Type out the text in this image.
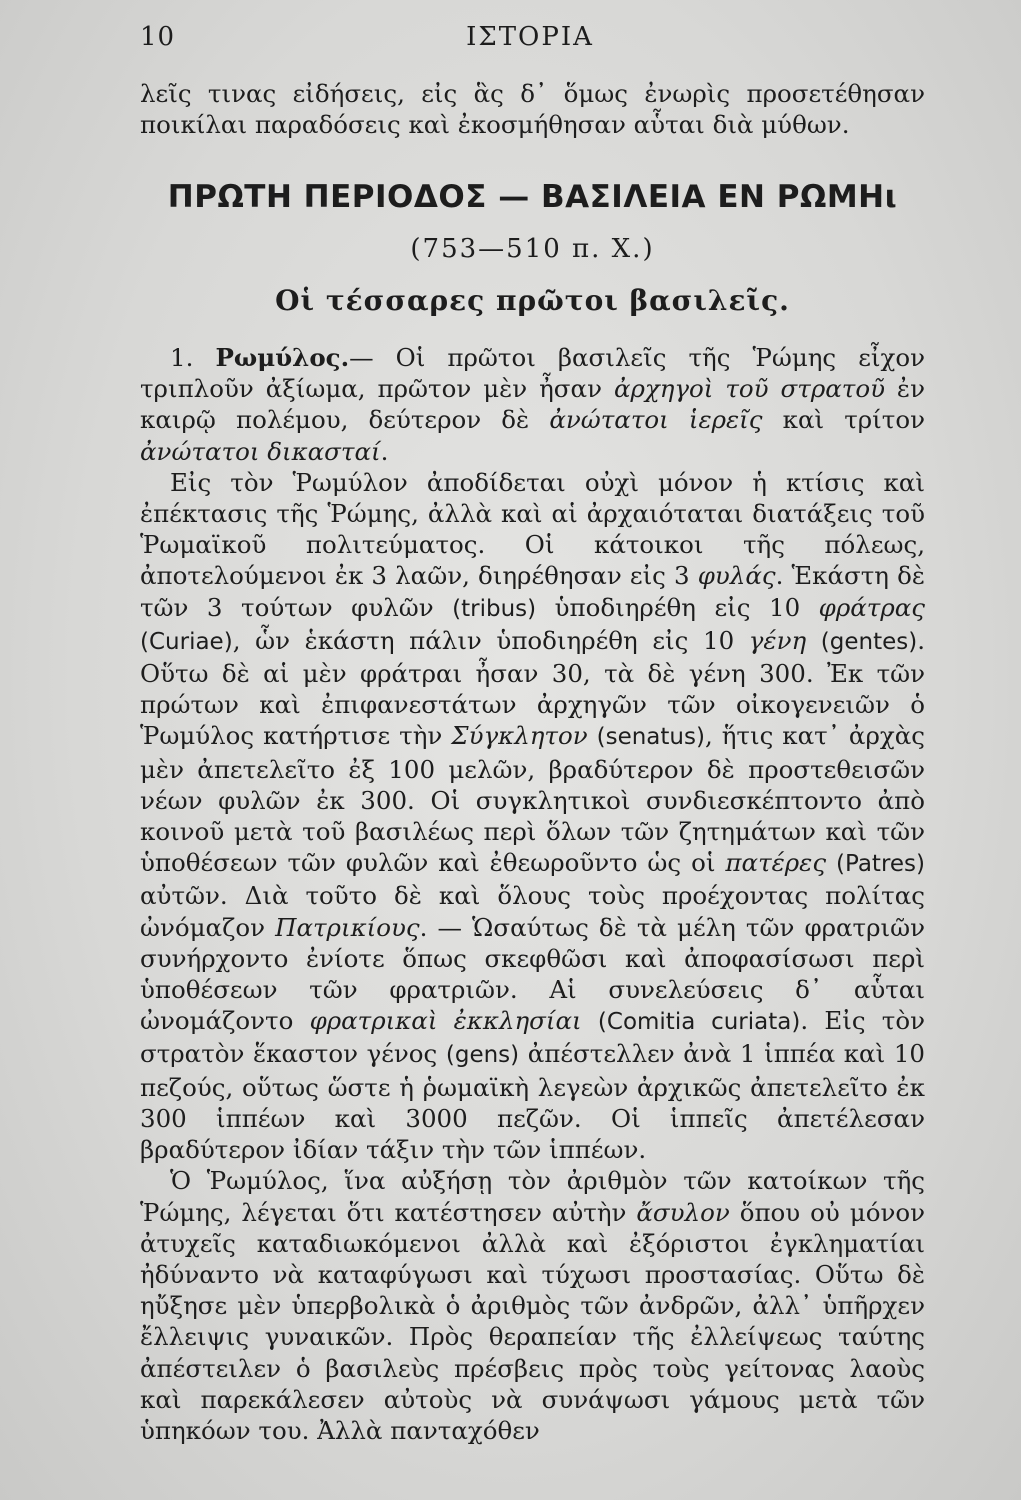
10	ΙΣΤΟΡΙΑ

λεῖς τινας εἰδήσεις, εἰς ἃς δ᾽ ὅμως ἐνωρὶς προσετέθησαν ποικίλαι παραδόσεις καὶ ἐκοσμήθησαν αὗται διὰ μύθων.

ΠΡΩΤΗ ΠΕΡΙΟΔΟΣ — ΒΑΣΙΛΕΙΑ ΕΝ ΡΩΜΗι
(753—510 π. Χ.)
Οἱ τέσσαρες πρῶτοι βασιλεῖς.

1. Ρωμύλος.— Οἱ πρῶτοι βασιλεῖς τῆς Ῥώμης εἶχον τριπλοῦν ἀξίωμα, πρῶτον μὲν ἦσαν ἀρχηγοὶ τοῦ στρατοῦ ἐν καιρῷ πολέμου, δεύτερον δὲ ἀνώτατοι ἱερεῖς καὶ τρίτον ἀνώτατοι δικασταί.

Εἰς τὸν Ῥωμύλον ἀποδίδεται οὐχὶ μόνον ἡ κτίσις καὶ ἐπέκτασις τῆς Ῥώμης, ἀλλὰ καὶ αἱ ἀρχαιόταται διατάξεις τοῦ Ῥωμαϊκοῦ πολιτεύματος. Οἱ κάτοικοι τῆς πόλεως, ἀποτελούμενοι ἐκ 3 λαῶν, διηρέθησαν εἰς 3 φυλάς. Ἑκάστη δὲ τῶν 3 τούτων φυλῶν (tribus) ὑποδιηρέθη εἰς 10 φράτρας (Curiae), ὧν ἑκάστη πάλιν ὑποδιηρέθη εἰς 10 γένη (gentes). Οὕτω δὲ αἱ μὲν φράτραι ἦσαν 30, τὰ δὲ γένη 300. Ἐκ τῶν πρώτων καὶ ἐπιφανεστάτων ἀρχηγῶν τῶν οἰκογενειῶν ὁ Ῥωμύλος κατήρτισε τὴν Σύγκλητον (senatus), ἥτις κατ᾽ ἀρχὰς μὲν ἀπετελεῖτο ἐξ 100 μελῶν, βραδύτερον δὲ προστεθεισῶν νέων φυλῶν ἐκ 300. Οἱ συγκλητικοὶ συνδιεσκέπτοντο ἀπὸ κοινοῦ μετὰ τοῦ βασιλέως περὶ ὅλων τῶν ζητημάτων καὶ τῶν ὑποθέσεων τῶν φυλῶν καὶ ἐθεωροῦντο ὡς οἱ πατέρες (Patres) αὐτῶν. Διὰ τοῦτο δὲ καὶ ὅλους τοὺς προέχοντας πολίτας ὠνόμαζον Πατρικίους. — Ὡσαύτως δὲ τὰ μέλη τῶν φρατριῶν συνήρχοντο ἐνίοτε ὅπως σκεφθῶσι καὶ ἀποφασίσωσι περὶ ὑποθέσεων τῶν φρατριῶν. Αἱ συνελεύσεις δ᾽ αὗται ὠνομάζοντο φρατρικαὶ ἐκκλησίαι (Comitia curiata). Εἰς τὸν στρατὸν ἕκαστον γένος (gens) ἀπέστελλεν ἀνὰ 1 ἱππέα καὶ 10 πεζούς, οὕτως ὥστε ἡ ῥωμαϊκὴ λεγεὼν ἀρχικῶς ἀπετελεῖτο ἐκ 300 ἱππέων καὶ 3000 πεζῶν. Οἱ ἱππεῖς ἀπετέλεσαν βραδύτερον ἰδίαν τάξιν τὴν τῶν ἱππέων.

Ὁ Ῥωμύλος, ἵνα αὐξήσῃ τὸν ἀριθμὸν τῶν κατοίκων τῆς Ῥώμης, λέγεται ὅτι κατέστησεν αὐτὴν ἄσυλον ὅπου οὐ μόνον ἀτυχεῖς καταδιωκόμενοι ἀλλὰ καὶ ἐξόριστοι ἐγκληματίαι ἠδύναντο νὰ καταφύγωσι καὶ τύχωσι προστασίας. Οὕτω δὲ ηὔξησε μὲν ὑπερβολικὰ ὁ ἀριθμὸς τῶν ἀνδρῶν, ἀλλ᾽ ὑπῆρχεν ἔλλειψις γυναικῶν. Πρὸς θεραπείαν τῆς ἐλλείψεως ταύτης ἀπέστειλεν ὁ βασιλεὺς πρέσβεις πρὸς τοὺς γείτονας λαοὺς καὶ παρεκάλεσεν αὐτοὺς νὰ συνάψωσι γάμους μετὰ τῶν ὑπηκόων του. Ἀλλὰ πανταχόθεν
